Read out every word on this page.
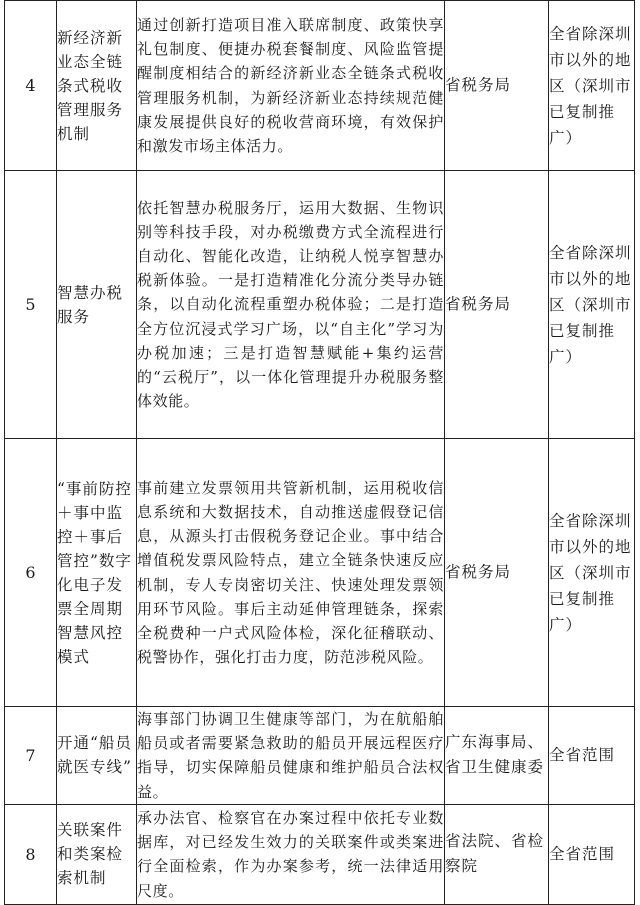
4	新经济新业态全链条式税收管理服务机制	通过创新打造项目准入联席制度、政策快享礼包制度、便捷办税套餐制度、风险监管提醒制度相结合的新经济新业态全链条式税收管理服务机制，为新经济新业态持续规范健康发展提供良好的税收营商环境，有效保护和激发市场主体活力。	省税务局	全省除深圳市以外的地区（深圳市已复制推广）
5	智慧办税服务	依托智慧办税服务厅，运用大数据、生物识别等科技手段，对办税缴费方式全流程进行自动化、智能化改造，让纳税人悦享智慧办税新体验。一是打造精准化分流分类导办链条，以自动化流程重塑办税体验；二是打造全方位沉浸式学习广场，以“自主化”学习为办税加速；三是打造智慧赋能+集约运营的“云税厅”，以一体化管理提升办税服务整体效能。	省税务局	全省除深圳市以外的地区（深圳市已复制推广）
6	“事前防控＋事中监控＋事后管控”数字化电子发票全周期智慧风控模式	事前建立发票领用共管新机制，运用税收信息系统和大数据技术，自动推送虚假登记信息，从源头打击假税务登记企业。事中结合增值税发票风险特点，建立全链条快速反应机制，专人专岗密切关注、快速处理发票领用环节风险。事后主动延伸管理链条，探索全税费种一户式风险体检，深化征稽联动、税警协作，强化打击力度，防范涉税风险。	省税务局	全省除深圳市以外的地区（深圳市已复制推广）
7	开通“船员就医专线”	海事部门协调卫生健康等部门，为在航船舶船员或者需要紧急救助的船员开展远程医疗指导，切实保障船员健康和维护船员合法权益。	广东海事局、省卫生健康委	全省范围
8	关联案件和类案检索机制	承办法官、检察官在办案过程中依托专业数据库，对已经发生效力的关联案件或类案进行全面检索，作为办案参考，统一法律适用尺度。	省法院、省检察院	全省范围
